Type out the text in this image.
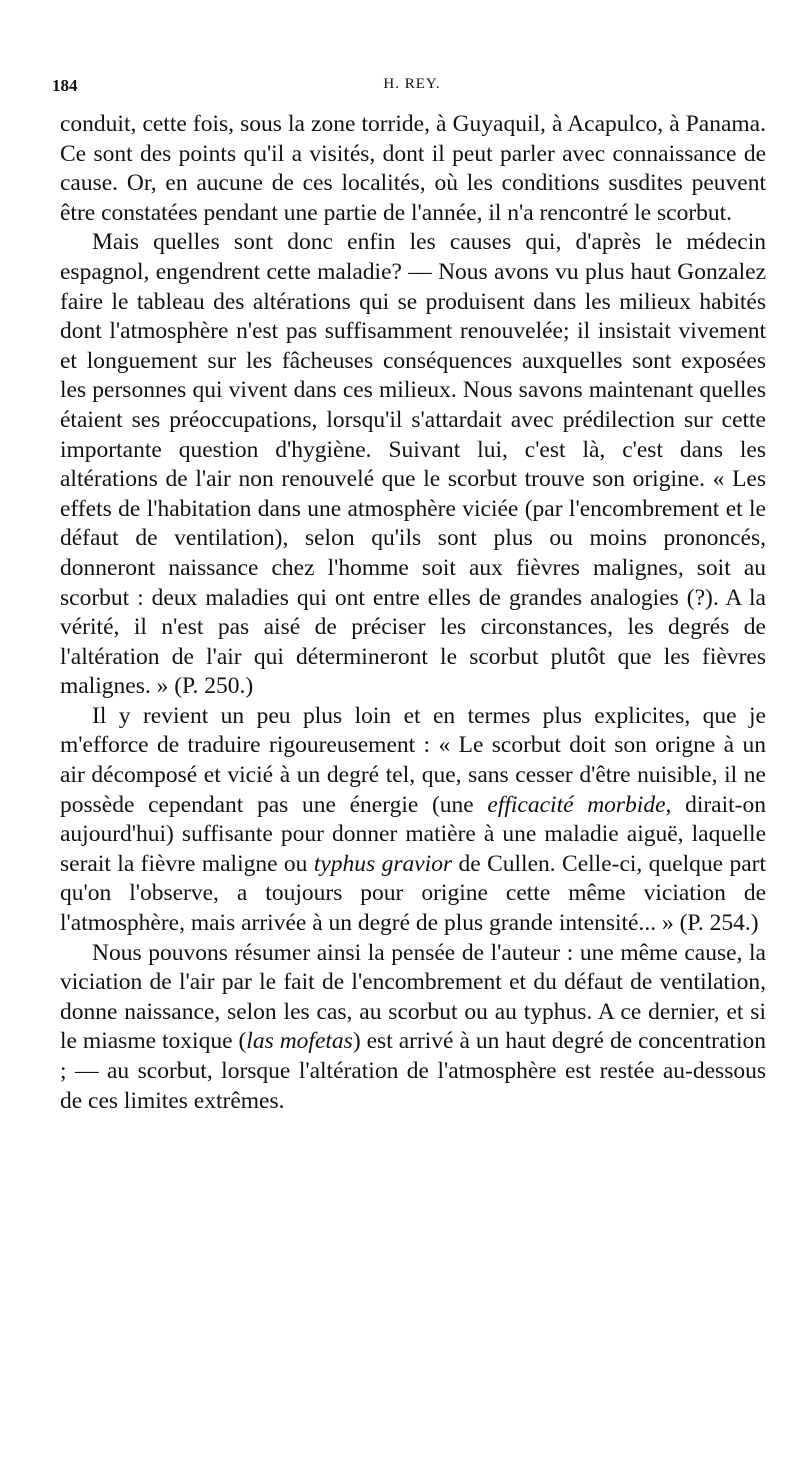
184	H. REY.

conduit, cette fois, sous la zone torride, à Guyaquil, à Acapulco, à Panama. Ce sont des points qu'il a visités, dont il peut parler avec connaissance de cause. Or, en aucune de ces localités, où les conditions susdites peuvent être constatées pendant une partie de l'année, il n'a rencontré le scorbut.

Mais quelles sont donc enfin les causes qui, d'après le médecin espagnol, engendrent cette maladie? — Nous avons vu plus haut Gonzalez faire le tableau des altérations qui se produisent dans les milieux habités dont l'atmosphère n'est pas suffisamment renouvelée; il insistait vivement et longuement sur les fâcheuses conséquences auxquelles sont exposées les personnes qui vivent dans ces milieux. Nous savons maintenant quelles étaient ses préoccupations, lorsqu'il s'attardait avec prédilection sur cette importante question d'hygiène. Suivant lui, c'est là, c'est dans les altérations de l'air non renouvelé que le scorbut trouve son origine. « Les effets de l'habitation dans une atmosphère viciée (par l'encombrement et le défaut de ventilation), selon qu'ils sont plus ou moins prononcés, donneront naissance chez l'homme soit aux fièvres malignes, soit au scorbut : deux maladies qui ont entre elles de grandes analogies (?). A la vérité, il n'est pas aisé de préciser les circonstances, les degrés de l'altération de l'air qui détermineront le scorbut plutôt que les fièvres malignes. » (P. 250.)

Il y revient un peu plus loin et en termes plus explicites, que je m'efforce de traduire rigoureusement : « Le scorbut doit son origne à un air décomposé et vicié à un degré tel, que, sans cesser d'être nuisible, il ne possède cependant pas une énergie (une efficacité morbide, dirait-on aujourd'hui) suffisante pour donner matière à une maladie aiguë, laquelle serait la fièvre maligne ou typhus gravior de Cullen. Celle-ci, quelque part qu'on l'observe, a toujours pour origine cette même viciation de l'atmosphère, mais arrivée à un degré de plus grande intensité... » (P. 254.)

Nous pouvons résumer ainsi la pensée de l'auteur : une même cause, la viciation de l'air par le fait de l'encombrement et du défaut de ventilation, donne naissance, selon les cas, au scorbut ou au typhus. A ce dernier, et si le miasme toxique (las mofetas) est arrivé à un haut degré de concentration ; — au scorbut, lorsque l'altération de l'atmosphère est restée au-dessous de ces limites extrêmes.
